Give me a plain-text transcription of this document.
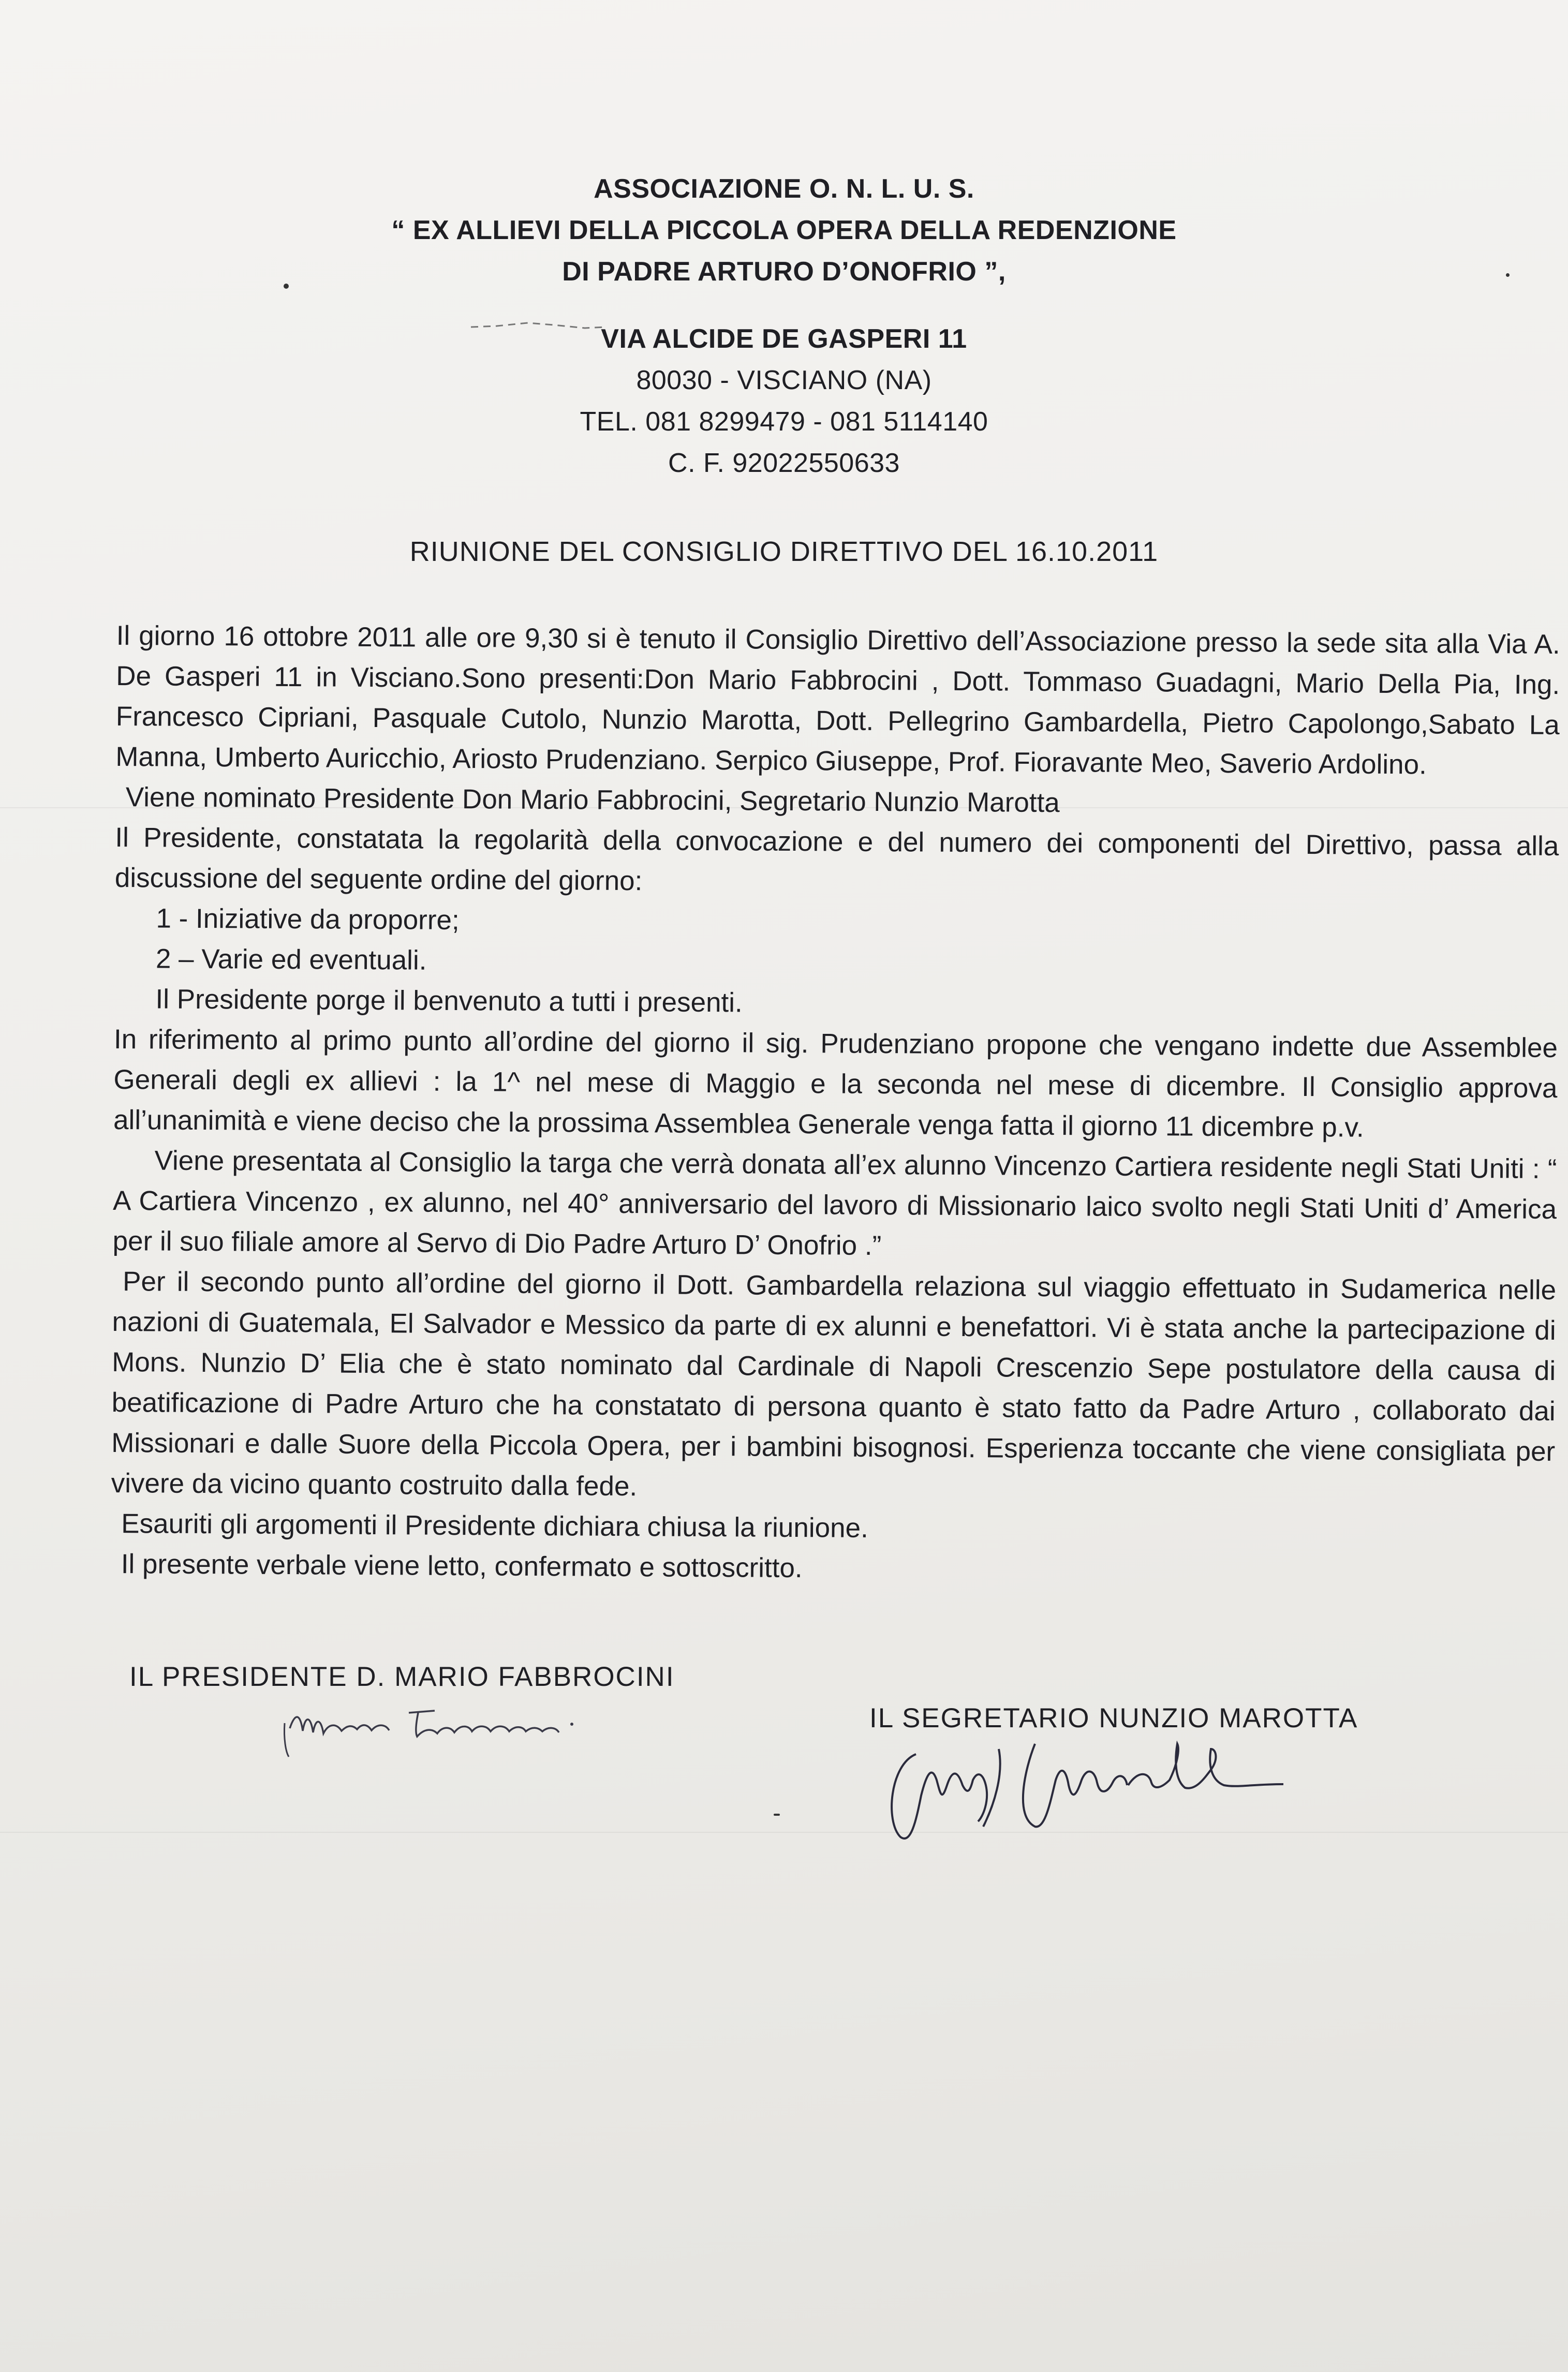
ASSOCIAZIONE O. N. L. U. S.
“ EX ALLIEVI DELLA PICCOLA OPERA DELLA REDENZIONE
DI PADRE ARTURO D’ONOFRIO ”,
VIA ALCIDE DE GASPERI 11
80030 - VISCIANO (NA)
TEL. 081 8299479 - 081 5114140
C. F. 92022550633
RIUNIONE DEL CONSIGLIO DIRETTIVO DEL 16.10.2011

Il giorno 16 ottobre 2011 alle ore 9,30 si è tenuto il Consiglio Direttivo dell’Associazione presso la sede sita alla Via A. De Gasperi 11 in Visciano.Sono presenti:Don Mario Fabbrocini , Dott. Tommaso Guadagni, Mario Della Pia, Ing. Francesco Cipriani, Pasquale Cutolo, Nunzio Marotta, Dott. Pellegrino Gambardella, Pietro Capolongo,Sabato La Manna, Umberto Auricchio, Ariosto Prudenziano. Serpico Giuseppe, Prof. Fioravante Meo, Saverio Ardolino.

Viene nominato Presidente Don Mario Fabbrocini, Segretario Nunzio Marotta

Il Presidente, constatata la regolarità della convocazione e del numero dei componenti del Direttivo, passa alla discussione del seguente ordine del giorno:

1 - Iniziative da proporre;

2 – Varie ed eventuali.

Il Presidente porge il benvenuto a tutti i presenti.

In riferimento al primo punto all’ordine del giorno il sig. Prudenziano propone che vengano indette due Assemblee Generali degli ex allievi : la 1^ nel mese di Maggio e la seconda nel mese di dicembre. Il Consiglio approva all’unanimità e viene deciso che la prossima Assemblea Generale venga fatta il giorno 11 dicembre p.v.

Viene presentata al Consiglio la targa che verrà donata all’ex alunno Vincenzo Cartiera residente negli Stati Uniti : “ A Cartiera Vincenzo , ex alunno, nel 40° anniversario del lavoro di Missionario laico svolto negli Stati Uniti d’ America per il suo filiale amore al Servo di Dio Padre Arturo D’ Onofrio .”

Per il secondo punto all’ordine del giorno il Dott. Gambardella relaziona sul viaggio effettuato in Sudamerica nelle nazioni di Guatemala, El Salvador e Messico da parte di ex alunni e benefattori. Vi è stata anche la partecipazione di Mons. Nunzio D’ Elia che è stato nominato dal Cardinale di Napoli Crescenzio Sepe postulatore della causa di beatificazione di Padre Arturo che ha constatato di persona quanto è stato fatto da Padre Arturo , collaborato dai Missionari e dalle Suore della Piccola Opera, per i bambini bisognosi. Esperienza toccante che viene consigliata per vivere da vicino quanto costruito dalla fede.

Esauriti gli argomenti il Presidente dichiara chiusa la riunione.

Il presente verbale viene letto, confermato e sottoscritto.

IL PRESIDENTE D. MARIO FABBROCINI
IL SEGRETARIO NUNZIO MAROTTA
